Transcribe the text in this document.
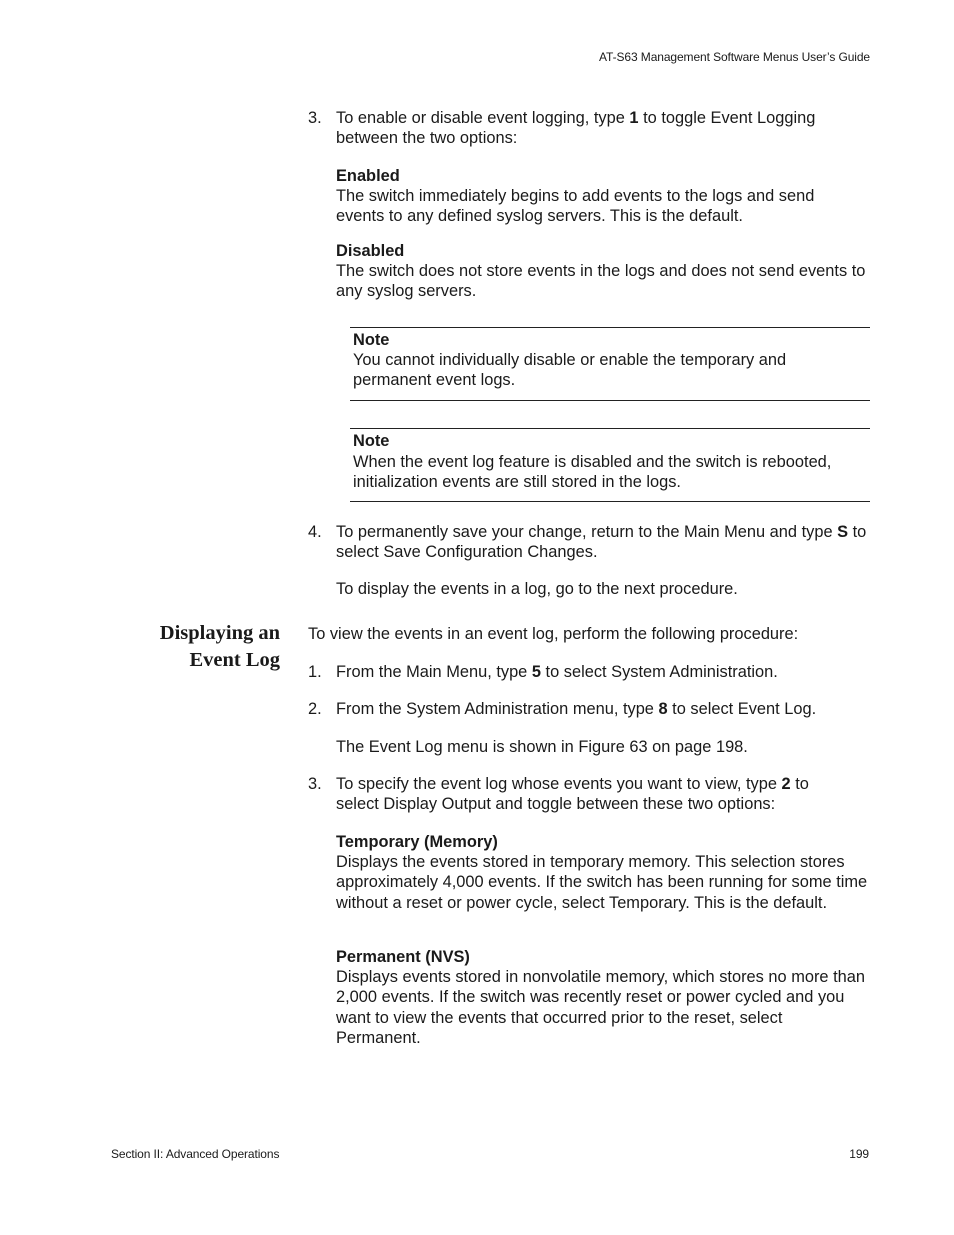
AT-S63 Management Software Menus User’s Guide
3. To enable or disable event logging, type 1 to toggle Event Logging between the two options:
Enabled
The switch immediately begins to add events to the logs and send events to any defined syslog servers. This is the default.
Disabled
The switch does not store events in the logs and does not send events to any syslog servers.
Note
You cannot individually disable or enable the temporary and permanent event logs.
Note
When the event log feature is disabled and the switch is rebooted, initialization events are still stored in the logs.
4. To permanently save your change, return to the Main Menu and type S to select Save Configuration Changes.
To display the events in a log, go to the next procedure.
Displaying an
Event Log
To view the events in an event log, perform the following procedure:
1. From the Main Menu, type 5 to select System Administration.
2. From the System Administration menu, type 8 to select Event Log.
The Event Log menu is shown in Figure 63 on page 198.
3. To specify the event log whose events you want to view, type 2 to select Display Output and toggle between these two options:
Temporary (Memory)
Displays the events stored in temporary memory. This selection stores approximately 4,000 events. If the switch has been running for some time without a reset or power cycle, select Temporary. This is the default.
Permanent (NVS)
Displays events stored in nonvolatile memory, which stores no more than 2,000 events. If the switch was recently reset or power cycled and you want to view the events that occurred prior to the reset, select Permanent.
Section II: Advanced Operations	199
